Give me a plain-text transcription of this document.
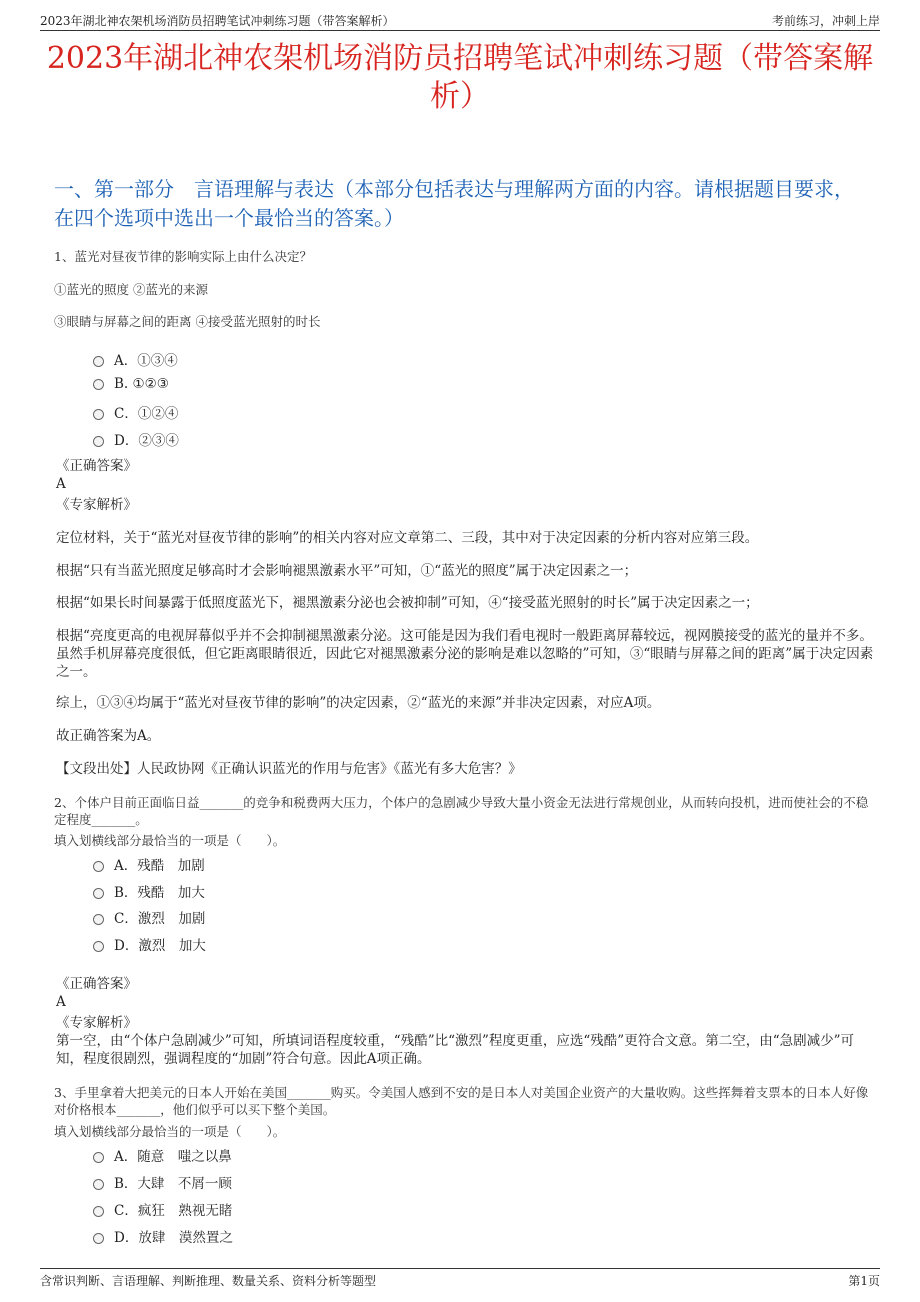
2023年湖北神农架机场消防员招聘笔试冲刺练习题（带答案解析）	考前练习，冲刺上岸
2023年湖北神农架机场消防员招聘笔试冲刺练习题（带答案解析）
一、第一部分　言语理解与表达（本部分包括表达与理解两方面的内容。请根据题目要求，在四个选项中选出一个最恰当的答案。）
1、蓝光对昼夜节律的影响实际上由什么决定？
①蓝光的照度 ②蓝光的来源
③眼睛与屏幕之间的距离 ④接受蓝光照射的时长
A．①③④
B. ①②③
C．①②④
D．②③④
《正确答案》
A
《专家解析》
定位材料，关于“蓝光对昼夜节律的影响”的相关内容对应文章第二、三段，其中对于决定因素的分析内容对应第三段。
根据“只有当蓝光照度足够高时才会影响褪黑激素水平”可知，①“蓝光的照度”属于决定因素之一；
根据“如果长时间暴露于低照度蓝光下，褪黑激素分泌也会被抑制”可知，④“接受蓝光照射的时长”属于决定因素之一；
根据“亮度更高的电视屏幕似乎并不会抑制褪黑激素分泌。这可能是因为我们看电视时一般距离屏幕较远，视网膜接受的蓝光的量并不多。虽然手机屏幕亮度很低，但它距离眼睛很近，因此它对褪黑激素分泌的影响是难以忽略的”可知，③“眼睛与屏幕之间的距离”属于决定因素之一。
综上，①③④均属于“蓝光对昼夜节律的影响”的决定因素，②“蓝光的来源”并非决定因素，对应A项。
故正确答案为A。
【文段出处】人民政协网《正确认识蓝光的作用与危害》《蓝光有多大危害？》
2、个体户目前正面临日益_______的竞争和税费两大压力，个体户的急剧减少导致大量小资金无法进行常规创业，从而转向投机，进而使社会的不稳定程度_______。
填入划横线部分最恰当的一项是（　　）。
A．残酷　加剧
B．残酷　加大
C．激烈　加剧
D．激烈　加大
《正确答案》
A
《专家解析》
第一空，由“个体户急剧减少”可知，所填词语程度较重，“残酷”比“激烈”程度更重，应选“残酷”更符合文意。第二空，由“急剧减少”可知，程度很剧烈，强调程度的“加剧”符合句意。因此A项正确。
3、手里拿着大把美元的日本人开始在美国_______购买。令美国人感到不安的是日本人对美国企业资产的大量收购。这些挥舞着支票本的日本人好像对价格根本_______，他们似乎可以买下整个美国。
填入划横线部分最恰当的一项是（　　）。
A．随意　嗤之以鼻
B．大肆　不屑一顾
C．疯狂　熟视无睹
D．放肆　漠然置之
含常识判断、言语理解、判断推理、数量关系、资料分析等题型	第1页
